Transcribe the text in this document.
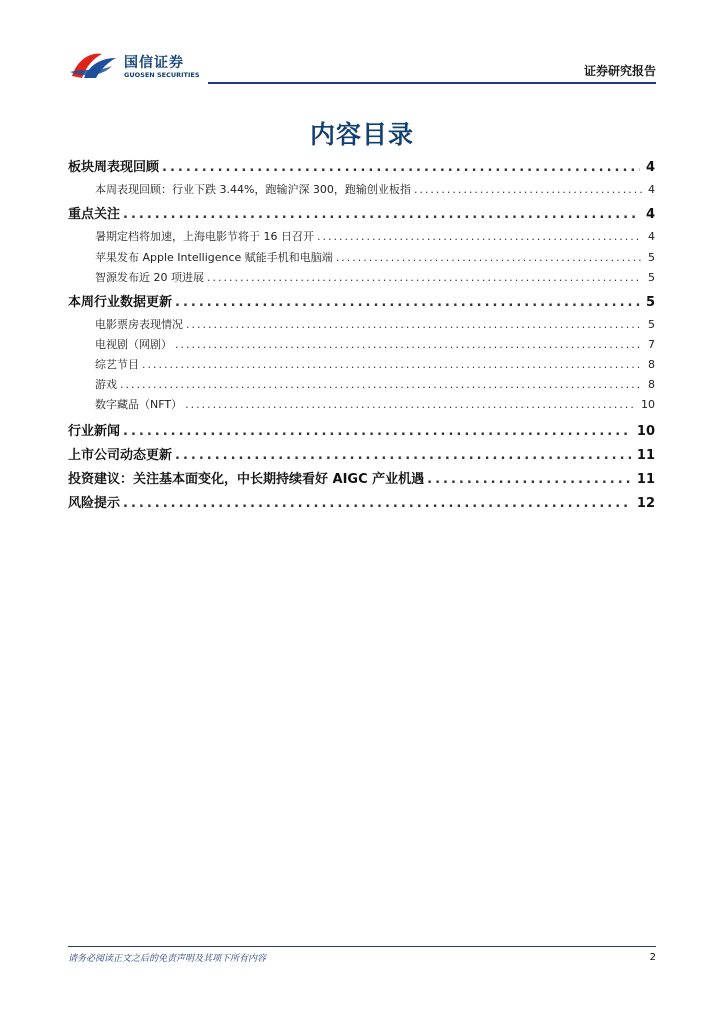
国信证券
GUOSEN SECURITIES	证券研究报告
内容目录
板块周表现回顾 .....	4
本周表现回顾：行业下跌 3.44%，跑输沪深 300，跑输创业板指 .....	4
重点关注 .....	4
暑期定档将加速，上海电影节将于 16 日召开 .....	4
苹果发布 Apple Intelligence 赋能手机和电脑端 .....	5
智源发布近 20 项进展 .....	5
本周行业数据更新 .....	5
电影票房表现情况 .....	5
电视剧（网剧） .....	7
综艺节目 .....	8
游戏 .....	8
数字藏品（NFT） .....	10
行业新闻 .....	10
上市公司动态更新 .....	11
投资建议：关注基本面变化，中长期持续看好 AIGC 产业机遇 .....	11
风险提示 .....	12
请务必阅读正文之后的免责声明及其项下所有内容	2
